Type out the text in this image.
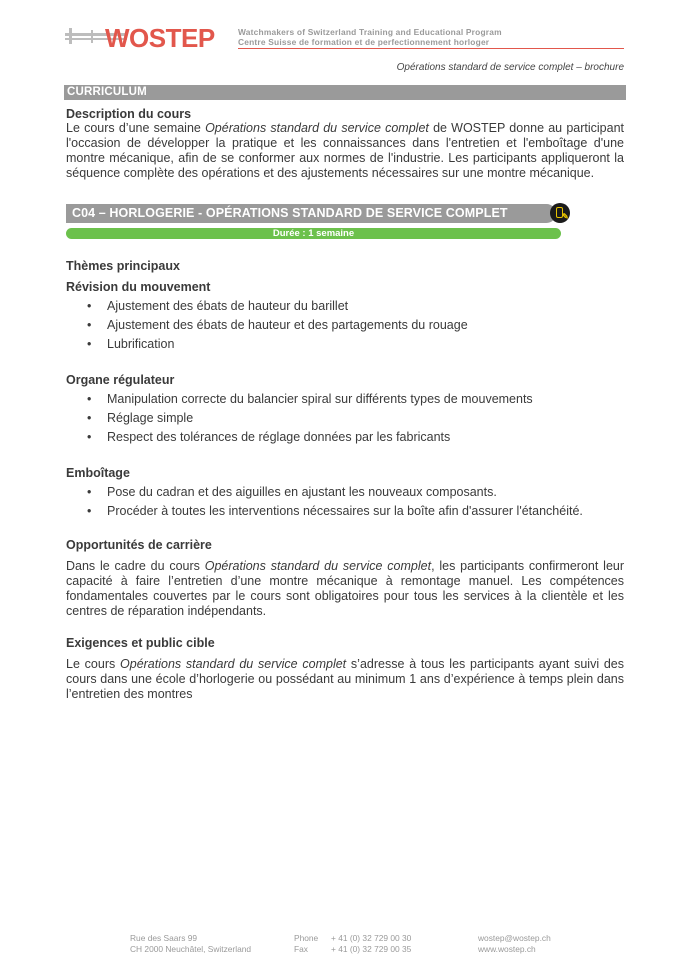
WOSTEP	Watchmakers of Switzerland Training and Educational Program
Centre Suisse de formation et de perfectionnement horloger
Opérations standard de service complet – brochure
CURRICULUM
Description du cours
Le cours d’une semaine Opérations standard du service complet de WOSTEP donne au participant l'occasion de développer la pratique et les connaissances dans l'entretien et l'emboîtage d'une montre mécanique, afin de se conformer aux normes de l'industrie. Les participants appliqueront la séquence complète des opérations et des ajustements nécessaires sur une montre mécanique.
C04 – HORLOGERIE - OPÉRATIONS STANDARD DE SERVICE COMPLET	✎
Durée : 1 semaine
Thèmes principaux
Révision du mouvement
• Ajustement des ébats de hauteur du barillet
• Ajustement des ébats de hauteur et des partagements du rouage
• Lubrification
Organe régulateur
• Manipulation correcte du balancier spiral sur différents types de mouvements
• Réglage simple
• Respect des tolérances de réglage données par les fabricants
Emboîtage
• Pose du cadran et des aiguilles en ajustant les nouveaux composants.
• Procéder à toutes les interventions nécessaires sur la boîte afin d'assurer l'étanchéité.
Opportunités de carrière
Dans le cadre du cours Opérations standard du service complet, les participants confirmeront leur capacité à faire l’entretien d’une montre mécanique à remontage manuel. Les compétences fondamentales couvertes par le cours sont obligatoires pour tous les services à la clientèle et les centres de réparation indépendants.
Exigences et public cible
Le cours Opérations standard du service complet s’adresse à tous les participants ayant suivi des cours dans une école d’horlogerie ou possédant au minimum 1 ans d’expérience à temps plein dans l’entretien des montres
Rue des Saars 99
CH 2000 Neuchâtel, Switzerland
Phone
Fax
+ 41 (0) 32 729 00 30
+ 41 (0) 32 729 00 35
wostep@wostep.ch
www.wostep.ch
